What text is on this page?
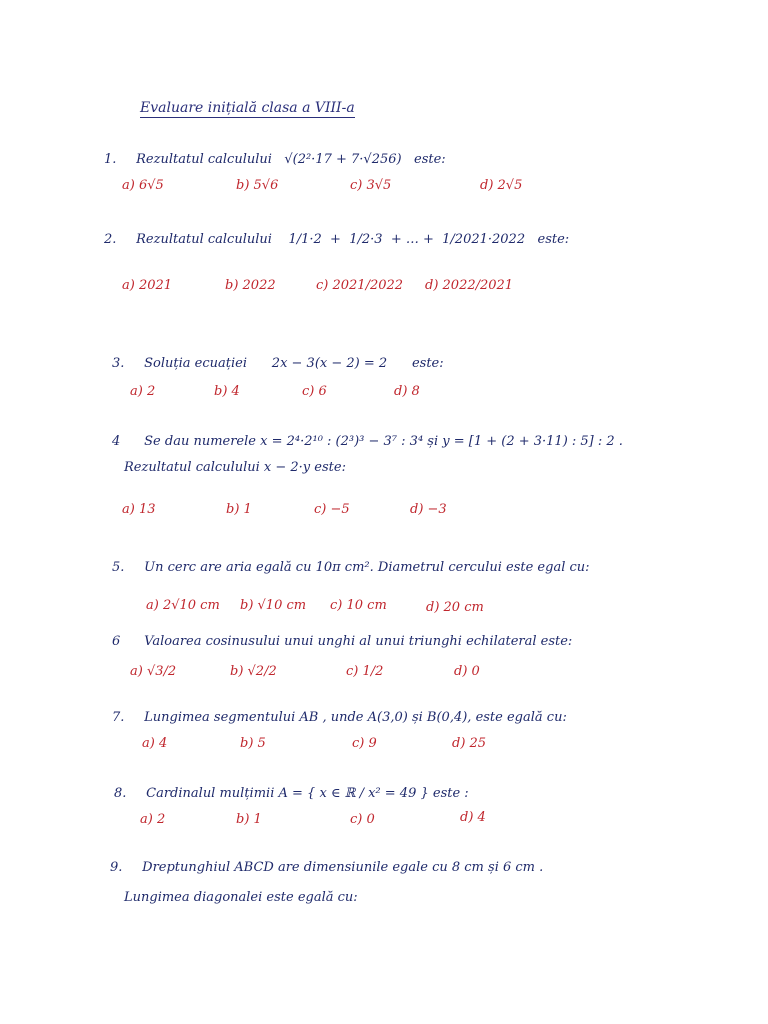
Evaluare inițială clasa a VIII-a
1. Rezultatul calculului √(2²·17 + 7·√256) este:
a) 6√5	b) 5√6	c) 3√5	d) 2√5
2. Rezultatul calculului 1/1·2  +  1/2·3 + … + 1/2021·2022 este:
a) 2021	b) 2022	c) 2021/2022 d) 2022/2021
3. Soluția ecuației 2x − 3(x − 2) = 2 este:
a) 2	b) 4	c) 6	d) 8
4 Se dau numerele x = 2⁴·2¹⁰ : (2³)³ − 3⁷ : 3⁴ și y = [1 + (2 + 3·11) : 5] : 2 .
Rezultatul calculului x − 2·y este:
a) 13	b) 1	c) −5	d) −3
5. Un cerc are aria egală cu 10π cm². Diametrul cercului este egal cu:
a) 2√10 cm b) √10 cm c) 10 cm	d) 20 cm
6 Valoarea cosinusului unui unghi al unui triunghi echilateral este:
a) √3/2	b) √2/2	c) 1/2	d) 0
7. Lungimea segmentului AB , unde A(3,0) și B(0,4), este egală cu:
a) 4	b) 5	c) 9	d) 25
8. Cardinalul mulțimii A = { x ∈ ℝ / x² = 49 } este :
a) 2	b) 1	c) 0	d) 4
9. Dreptunghiul ABCD are dimensiunile egale cu 8 cm și 6 cm .
Lungimea diagonalei este egală cu:
